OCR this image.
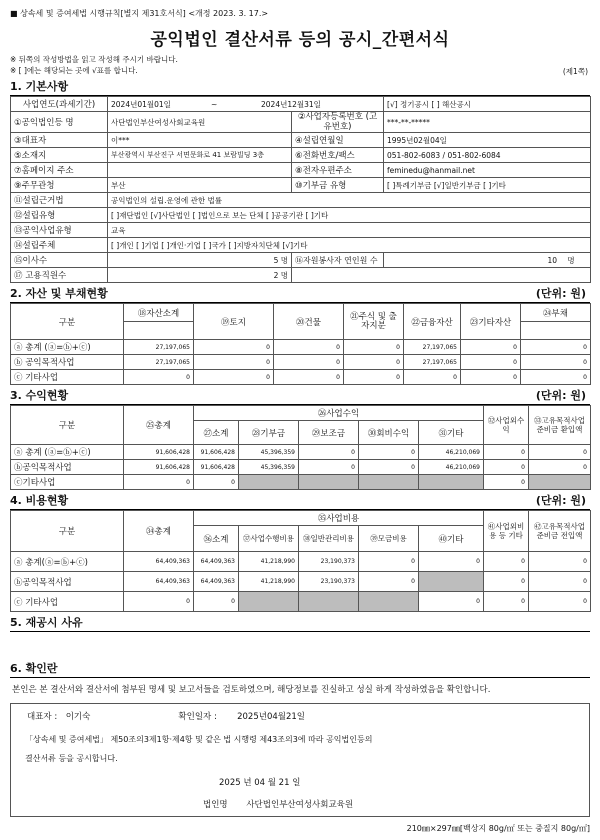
■ 상속세 및 증여세법 시행규칙[별지 제31호서식] <개정 2023. 3. 17.>
공익법인 결산서류 등의 공시_간편서식
※ 뒤쪽의 작성방법을 읽고 작성해 주시기 바랍니다.
※ [ ]에는 해당되는 곳에 √표를 합니다.	(제1쪽)
1. 기본사항
사업연도(과세기간)	2024년01월01일 ~ 2024년12월31일		[√] 정기공시 [ ] 해산공시
①공익법인등 명	사단법인부산여성사회교육원	②사업자등록번호 (고유번호)	***-**-*****
③대표자	이***	④설립연월일	1995년02월04일
⑤소재지	부산광역시 부산진구 서면문화로 41 보람빌딩 3층	⑥전화번호/팩스	051-802-6083 / 051-802-6084
⑦홈페이지 주소		⑧전자우편주소	feminedu@hanmail.net
⑨주무관청	부산	⑩기부금 유형	[ ]특례기부금 [√]일반기부금 [ ]기타
⑪설립근거법	공익법인의 설립.운영에 관한 법률		
⑫설립유형	[ ]재단법인 [√]사단법인 [ ]법인으로 보는 단체 [ ]공공기관 [ ]기타		
⑬공익사업유형	교육		
⑭설립주체	[ ]개인 [ ]기업 [ ]개인·기업 [ ]국가 [ ]지방자치단체 [√]기타		
⑮이사수	5 명	⑯자원봉사자 연인원 수	10 명
⑰ 고용직원수	2 명		
2. 자산 및 부채현황	(단위: 원)
구분	⑱자산소계	⑲토지	⑳건물	㉑주식 및 출자지분	㉒금융자산	㉓기타자산	㉔부채

ⓐ 총계 (ⓐ=ⓑ+ⓒ)	27,197,065	0	0	0	27,197,065	0	0
ⓑ 공익목적사업	27,197,065	0	0	0	27,197,065	0	0
ⓒ 기타사업	0	0	0	0	0	0	0
3. 수익현황	(단위: 원)
구분	㉕총계	㉖사업수익					㉜사업외수익	㉝고유목적사업준비금 환입액
		㉗소계	㉘기부금	㉙보조금	㉚회비수익	㉛기타		
ⓐ 총계 (ⓐ=ⓑ+ⓒ)	91,606,428	91,606,428	45,396,359	0	0	46,210,069	0	0
ⓑ공익목적사업	91,606,428	91,606,428	45,396,359	0	0	46,210,069	0	0
ⓒ기타사업	0	0					0	
4. 비용현황	(단위: 원)
구분	㉞총계	㉟사업비용					㊶사업외비용 등 기타	㊷고유목적사업준비금 전입액
		㊱소계	㊲사업수행비용	㊳일반관리비용	㊴모금비용	㊵기타		
ⓐ 총계(ⓐ=ⓑ+ⓒ)	64,409,363	64,409,363	41,218,990	23,190,373	0	0	0	0
ⓑ공익목적사업	64,409,363	64,409,363	41,218,990	23,190,373	0		0	0
ⓒ 기타사업	0	0				0	0	0
5. 재공시 사유
6. 확인란
본인은 본 결산서와 결산서에 첨부된 명세 및 보고서들을 검토하였으며, 해당정보를 진실하고 성실 하게 작성하였음을 확인합니다.
대표자 : 이기숙	확인일자 : 2025년04월21일
「상속세 및 증여세법」 제50조의3제1항·제4항 및 같은 법 시행령 제43조의3에 따라 공익법인등의
결산서류 등을 공시합니다.
2025 년 04 월 21 일
법인명 사단법인부산여성사회교육원
210㎜×297㎜[백상지 80g/㎡ 또는 중질지 80g/㎡]
